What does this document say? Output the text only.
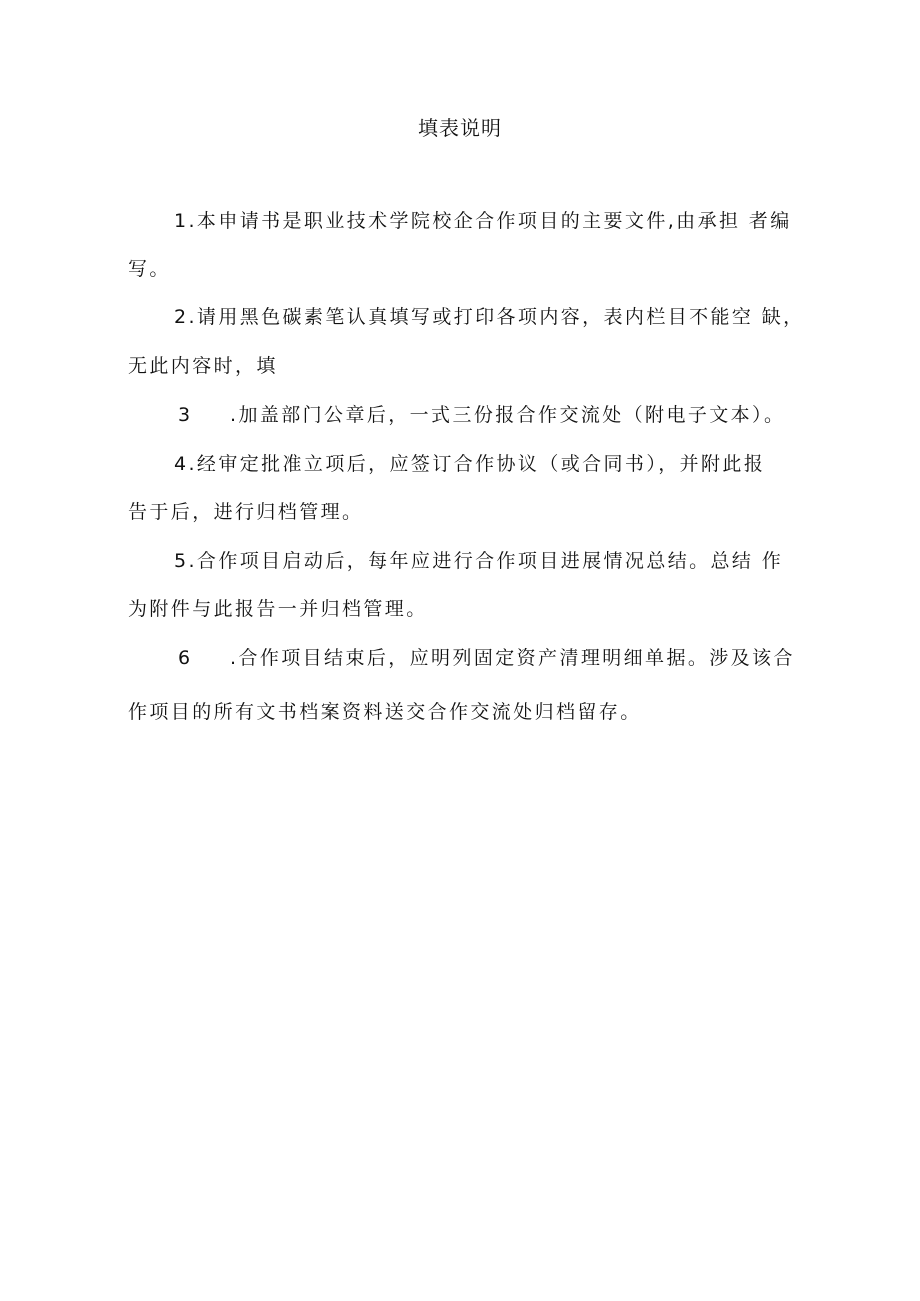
填表说明
1.本申请书是职业技术学院校企合作项目的主要文件,由承担 者编
写。
2.请用黑色碳素笔认真填写或打印各项内容，表内栏目不能空 缺，
无此内容时，填
3 .加盖部门公章后，一式三份报合作交流处（附电子文本）。
4.经审定批准立项后，应签订合作协议（或合同书），并附此报
告于后，进行归档管理。
5.合作项目启动后，每年应进行合作项目进展情况总结。总结 作
为附件与此报告一并归档管理。
6 .合作项目结束后，应明列固定资产清理明细单据。涉及该合
作项目的所有文书档案资料送交合作交流处归档留存。
